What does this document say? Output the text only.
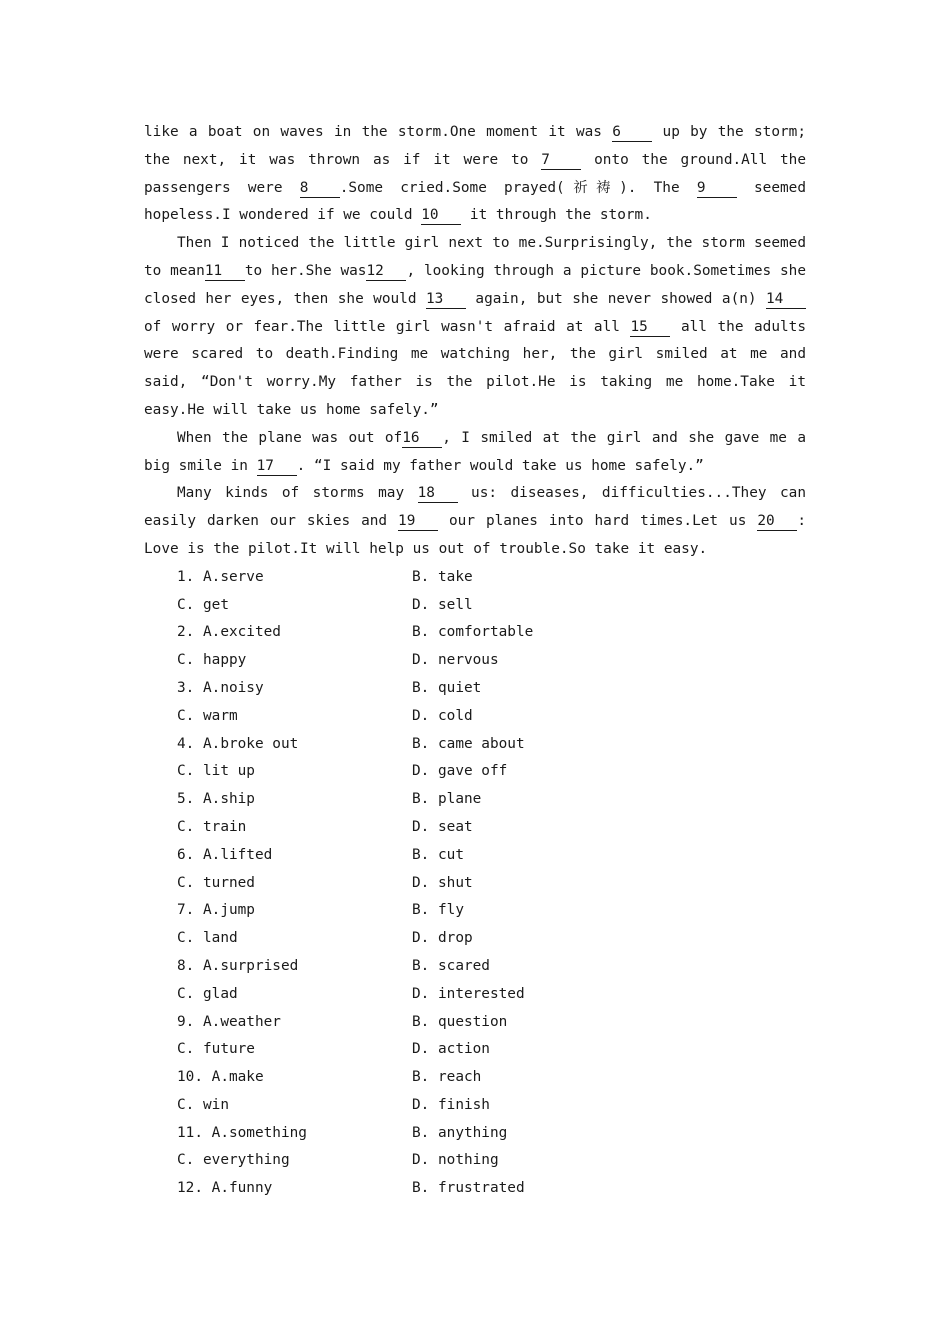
like a boat on waves in the storm.One moment it was 6 up by the storm; the next, it was thrown as if it were to 7 onto the ground.All the passengers were 8 .Some cried.Some prayed(祈祷). The 9 seemed hopeless.I wondered if we could 10 it through the storm.

Then I noticed the little girl next to me.Surprisingly, the storm seemed to mean11 to her.She was12 , looking through a picture book.Sometimes she closed her eyes, then she would 13 again, but she never showed a(n) 14 of worry or fear.The little girl wasn't afraid at all 15 all the adults were scared to death.Finding me watching her, the girl smiled at me and said, “Don't worry.My father is the pilot.He is taking me home.Take it easy.He will take us home safely.”

When the plane was out of16 , I smiled at the girl and she gave me a big smile in 17 . “I said my father would take us home safely.”

Many kinds of storms may 18 us: diseases, difficulties...They can easily darken our skies and 19 our planes into hard times.Let us 20 : Love is the pilot.It will help us out of trouble.So take it easy.

1. A.serve	B. take
C. get	D. sell
2. A.excited	B. comfortable
C. happy	D. nervous
3. A.noisy	B. quiet
C. warm	D. cold
4. A.broke out	B. came about
C. lit up	D. gave off
5. A.ship	B. plane
C. train	D. seat
6. A.lifted	B. cut
C. turned	D. shut
7. A.jump	B. fly
C. land	D. drop
8. A.surprised	B. scared
C. glad	D. interested
9. A.weather	B. question
C. future	D. action
10. A.make	B. reach
C. win	D. finish
11. A.something	B. anything
C. everything	D. nothing
12. A.funny	B. frustrated
